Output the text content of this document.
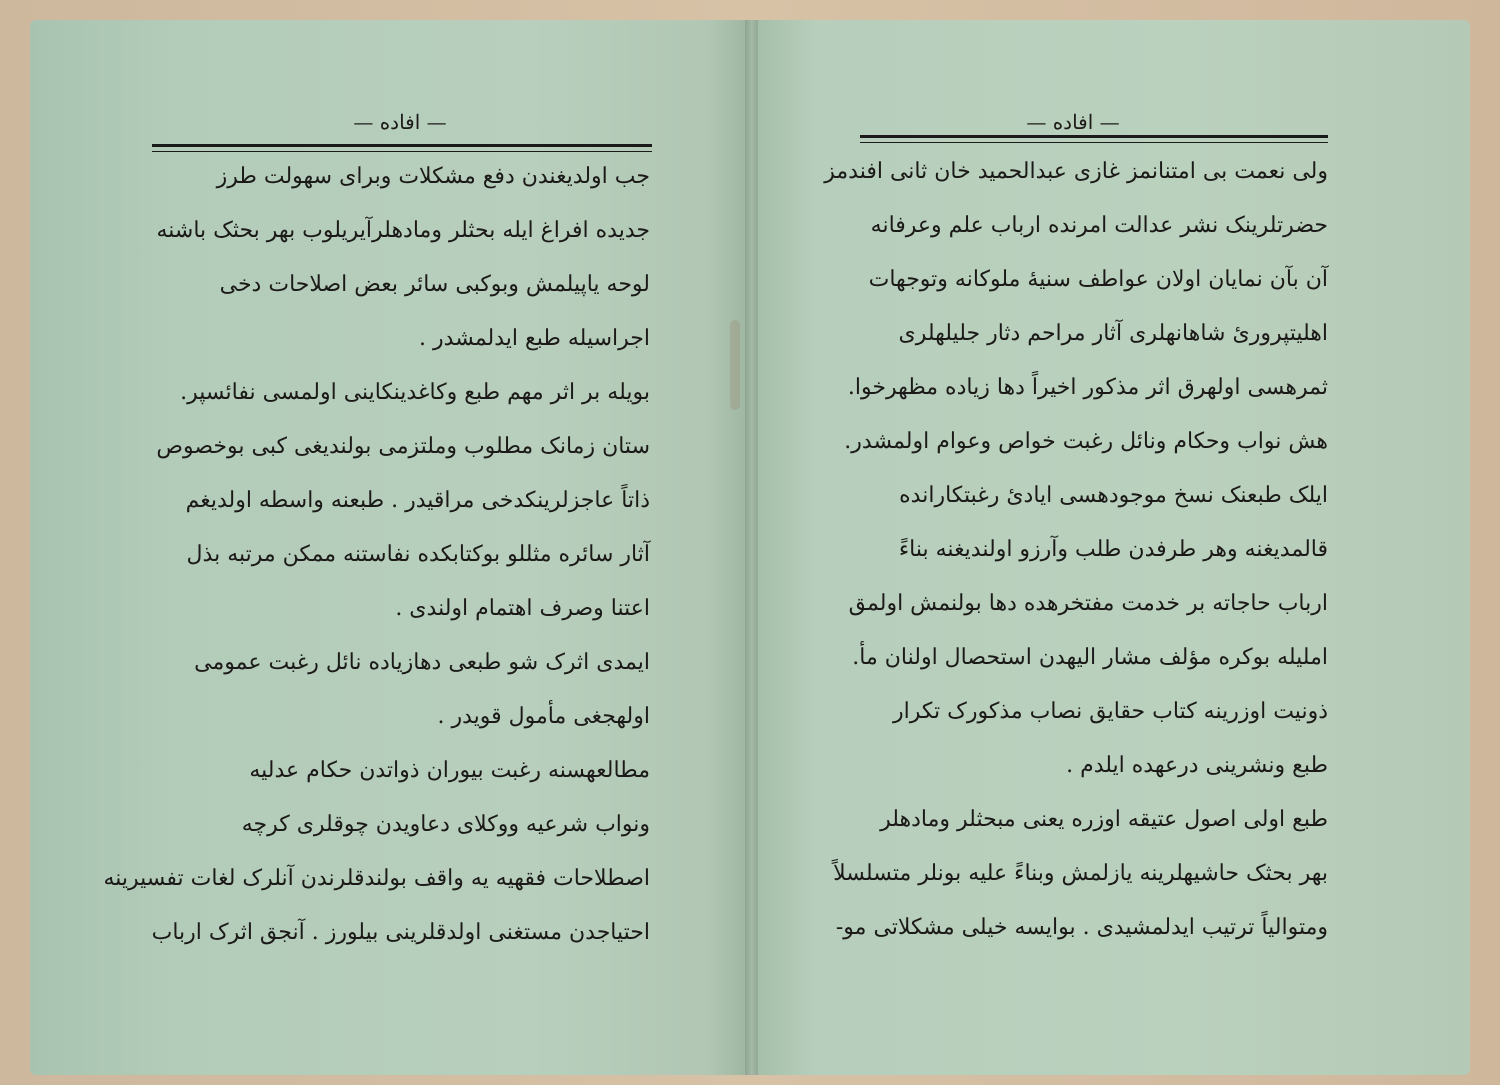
— افاده —
جب اولدیغندن دفع مشکلات وبرای سهولت طرز
جدیده افراغ ایله بحثلر ومادهلرآیریلوب بهر بحثک باشنه
لوحه یاپیلمش وبوکبی سائر بعض اصلاحات دخی
اجراسیله طبع ایدلمشدر .
بویله بر اثر مهم طبع وکاغدینکاینی اولمسی نفائسپر.
ستان زمانک مطلوب وملتزمی بولندیغی کبی بوخصوص
ذاتاً عاجزلرینکدخی مراقیدر . طبعنه واسطه اولدیغم
آثار سائره مثللو بوکتابکده نفاستنه ممکن مرتبه بذل
اعتنا وصرف اهتمام اولندی .
ایمدی اثرک شو طبعی دهازیاده نائل رغبت عمومی
اولهجغی مأمول قویدر .
مطالعهسنه رغبت بیوران ذواتدن حکام عدلیه
ونواب شرعیه ووکلای دعاویدن چوقلری کرچه
اصطلاحات فقهیه یه واقف بولندقلرندن آنلرک لغات تفسیرینه
احتیاجدن مستغنی اولدقلرینی بیلورز . آنجق اثرک ارباب
— افاده —
ولی نعمت بی امتنانمز غازی عبدالحمید خان ثانی افندمز
حضرتلرینک نشر عدالت امرنده ارباب علم وعرفانه
آن بآن نمایان اولان عواطف سنیهٔ ملوکانه وتوجهات
اهلیتپروریٔ شاهانهلری آثار مراحم دثار جلیلهلری
ثمرهسی اولهرق اثر مذکور اخیراً دها زیاده مظهرخوا.
هش نواب وحکام ونائل رغبت خواص وعوام اولمشدر.
ایلک طبعنک نسخ موجودهسی ایادیٔ رغبتکارانده
قالمدیغنه وهر طرفدن طلب وآرزو اولندیغنه بناءً
ارباب حاجاته بر خدمت مفتخرهده دها بولنمش اولمق
امليله بوکره مؤلف مشار الیهدن استحصال اولنان مأ.
ذونیت اوزرینه کتاب حقایق نصاب مذکورک تکرار
طبع ونشرینی درعهده ایلدم .
طبع اولی اصول عتیقه اوزره یعنی مبحثلر ومادهلر
بهر بحثک حاشیهلرینه یازلمش وبناءً علیه بونلر متسلسلاً
ومتوالیاً ترتیب ایدلمشیدی . بوایسه خیلی مشکلاتی مو-
